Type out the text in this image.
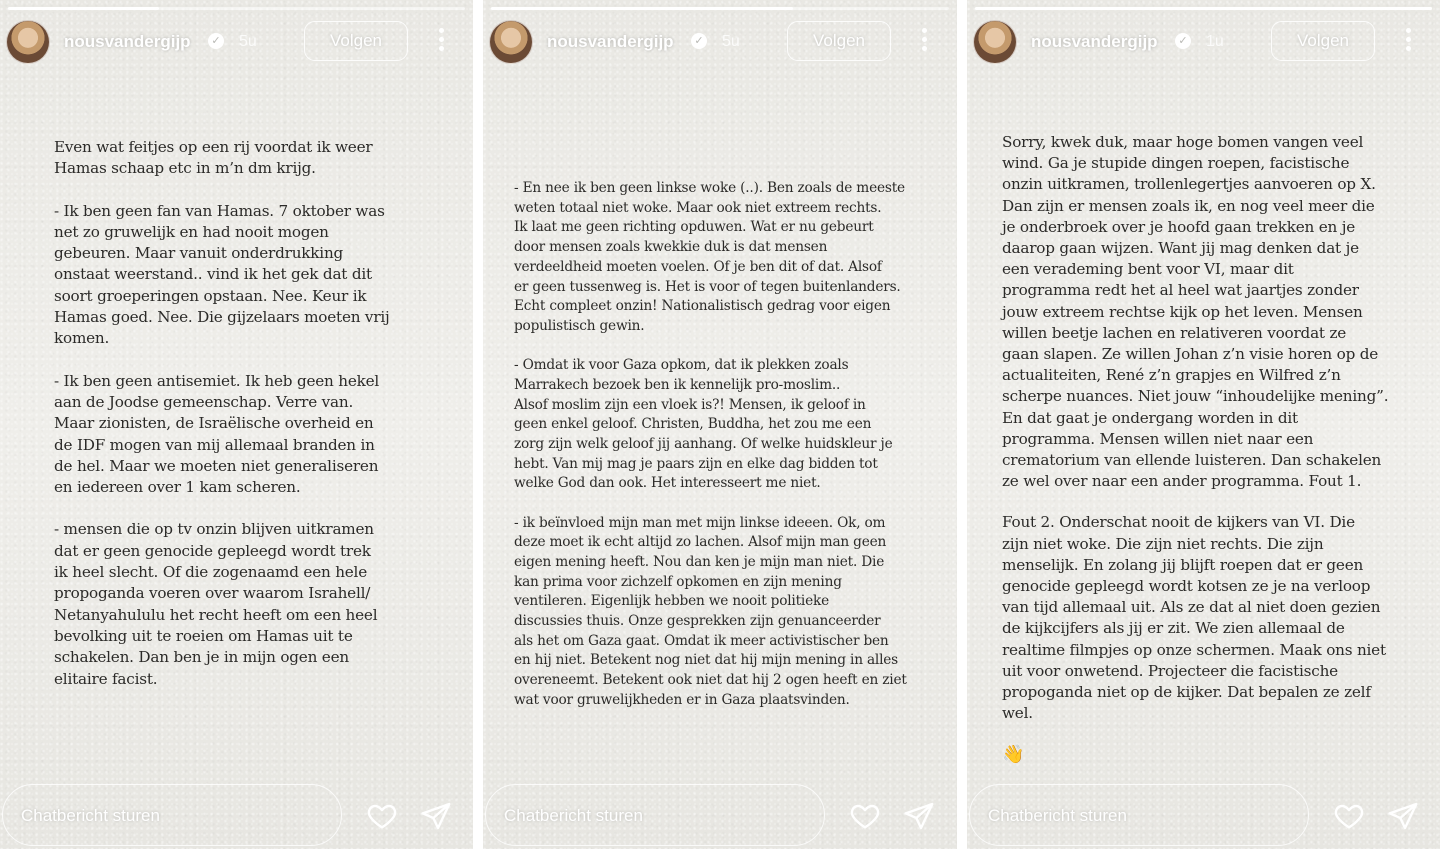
nousvandergijp	✓ 5u	Volgen

Even wat feitjes op een rij voordat ik weer
Hamas schaap etc in m’n dm krijg.

- Ik ben geen fan van Hamas. 7 oktober was
net zo gruwelijk en had nooit mogen
gebeuren. Maar vanuit onderdrukking
onstaat weerstand.. vind ik het gek dat dit
soort groeperingen opstaan. Nee. Keur ik
Hamas goed. Nee. Die gijzelaars moeten vrij
komen.

- Ik ben geen antisemiet. Ik heb geen hekel
aan de Joodse gemeenschap. Verre van.
Maar zionisten, de Israëlische overheid en
de IDF mogen van mij allemaal branden in
de hel. Maar we moeten niet generaliseren
en iedereen over 1 kam scheren.

- mensen die op tv onzin blijven uitkramen
dat er geen genocide gepleegd wordt trek
ik heel slecht. Of die zogenaamd een hele
propoganda voeren over waarom Israhell/
Netanyahululu het recht heeft om een heel
bevolking uit te roeien om Hamas uit te
schakelen. Dan ben je in mijn ogen een
elitaire facist.

Chatbericht sturen
nousvandergijp	✓ 5u	Volgen

- En nee ik ben geen linkse woke (..). Ben zoals de meeste
weten totaal niet woke. Maar ook niet extreem rechts.
Ik laat me geen richting opduwen. Wat er nu gebeurt
door mensen zoals kwekkie duk is dat mensen
verdeeldheid moeten voelen. Of je ben dit of dat. Alsof
er geen tussenweg is. Het is voor of tegen buitenlanders.
Echt compleet onzin! Nationalistisch gedrag voor eigen
populistisch gewin.

- Omdat ik voor Gaza opkom, dat ik plekken zoals
Marrakech bezoek ben ik kennelijk pro-moslim..
Alsof moslim zijn een vloek is?! Mensen, ik geloof in
geen enkel geloof. Christen, Buddha, het zou me een
zorg zijn welk geloof jij aanhang. Of welke huidskleur je
hebt. Van mij mag je paars zijn en elke dag bidden tot
welke God dan ook. Het interesseert me niet.

- ik beïnvloed mijn man met mijn linkse ideeen. Ok, om
deze moet ik echt altijd zo lachen. Alsof mijn man geen
eigen mening heeft. Nou dan ken je mijn man niet. Die
kan prima voor zichzelf opkomen en zijn mening
ventileren. Eigenlijk hebben we nooit politieke
discussies thuis. Onze gesprekken zijn genuanceerder
als het om Gaza gaat. Omdat ik meer activistischer ben
en hij niet. Betekent nog niet dat hij mijn mening in alles
overeneemt. Betekent ook niet dat hij 2 ogen heeft en ziet
wat voor gruwelijkheden er in Gaza plaatsvinden.

Chatbericht sturen
nousvandergijp	✓ 1u	Volgen

Sorry, kwek duk, maar hoge bomen vangen veel
wind. Ga je stupide dingen roepen, facistische
onzin uitkramen, trollenlegertjes aanvoeren op X.
Dan zijn er mensen zoals ik, en nog veel meer die
je onderbroek over je hoofd gaan trekken en je
daarop gaan wijzen. Want jij mag denken dat je
een verademing bent voor VI, maar dit
programma redt het al heel wat jaartjes zonder
jouw extreem rechtse kijk op het leven. Mensen
willen beetje lachen en relativeren voordat ze
gaan slapen. Ze willen Johan z’n visie horen op de
actualiteiten, René z’n grapjes en Wilfred z’n
scherpe nuances. Niet jouw “inhoudelijke mening”.
En dat gaat je ondergang worden in dit
programma. Mensen willen niet naar een
crematorium van ellende luisteren. Dan schakelen
ze wel over naar een ander programma. Fout 1.

Fout 2. Onderschat nooit de kijkers van VI. Die
zijn niet woke. Die zijn niet rechts. Die zijn
menselijk. En zolang jij blijft roepen dat er geen
genocide gepleegd wordt kotsen ze je na verloop
van tijd allemaal uit. Als ze dat al niet doen gezien
de kijkcijfers als jij er zit. We zien allemaal de
realtime filmpjes op onze schermen. Maak ons niet
uit voor onwetend. Projecteer die facistische
propoganda niet op de kijker. Dat bepalen ze zelf
wel.

👋

Chatbericht sturen
